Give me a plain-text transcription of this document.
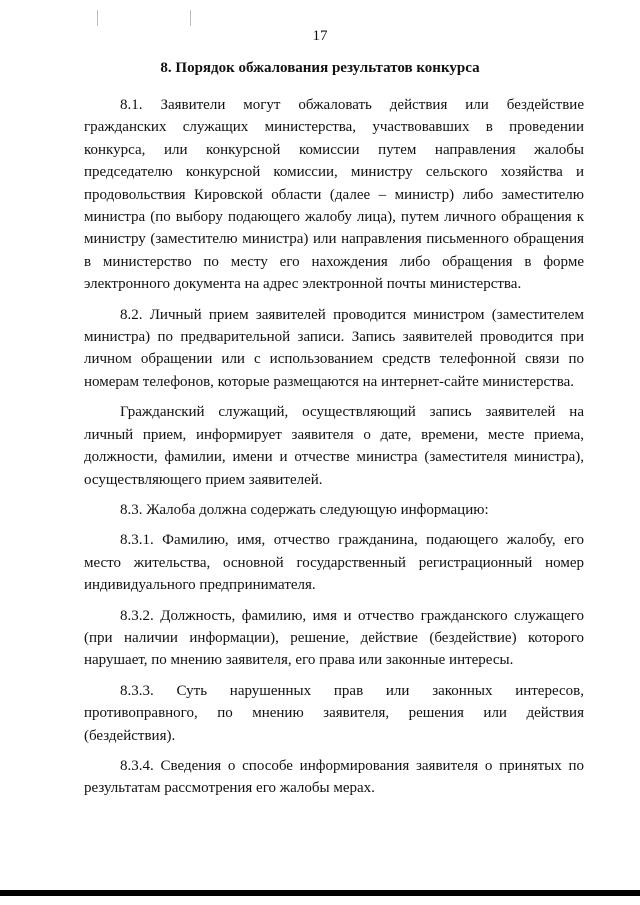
17
8. Порядок обжалования результатов конкурса

8.1. Заявители могут обжаловать действия или бездействие гражданских служащих министерства, участвовавших в проведении конкурса, или конкурсной комиссии путем направления жалобы председателю конкурсной комиссии, министру сельского хозяйства и продовольствия Кировской области (далее – министр) либо заместителю министра (по выбору подающего жалобу лица), путем личного обращения к министру (заместителю министра) или направления письменного обращения в министерство по месту его нахождения либо обращения в форме электронного документа на адрес электронной почты министерства.

8.2. Личный прием заявителей проводится министром (заместителем министра) по предварительной записи. Запись заявителей проводится при личном обращении или с использованием средств телефонной связи по номерам телефонов, которые размещаются на интернет-сайте министерства.

Гражданский служащий, осуществляющий запись заявителей на личный прием, информирует заявителя о дате, времени, месте приема, должности, фамилии, имени и отчестве министра (заместителя министра), осуществляющего прием заявителей.

8.3. Жалоба должна содержать следующую информацию:

8.3.1. Фамилию, имя, отчество гражданина, подающего жалобу, его место жительства, основной государственный регистрационный номер индивидуального предпринимателя.

8.3.2. Должность, фамилию, имя и отчество гражданского служащего (при наличии информации), решение, действие (бездействие) которого нарушает, по мнению заявителя, его права или законные интересы.

8.3.3. Суть нарушенных прав или законных интересов, противоправного, по мнению заявителя, решения или действия (бездействия).

8.3.4. Сведения о способе информирования заявителя о принятых по результатам рассмотрения его жалобы мерах.
